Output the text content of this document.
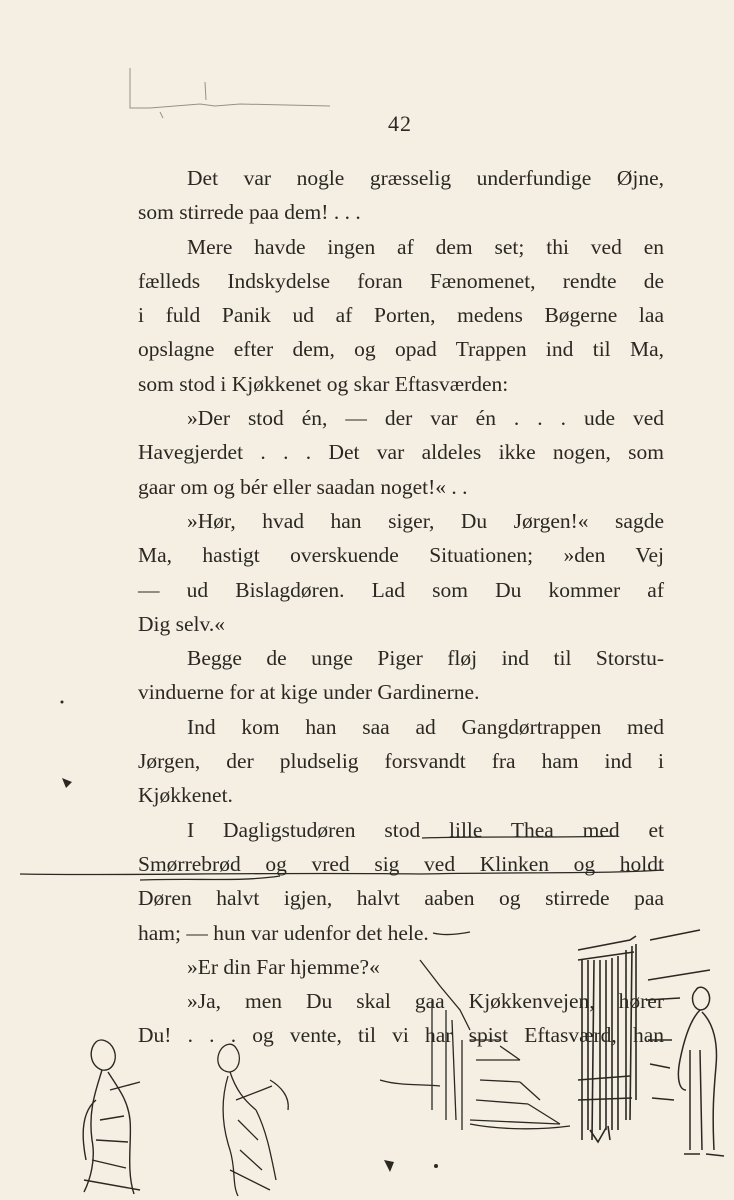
42

Det var nogle græsselig underfundige Øjne,

som stirrede paa dem! . . .

Mere havde ingen af dem set; thi ved en

fælleds Indskydelse foran Fænomenet, rendte de

i fuld Panik ud af Porten, medens Bøgerne laa

opslagne efter dem, og opad Trappen ind til Ma,

som stod i Kjøkkenet og skar Eftasværden:

»Der stod én, — der var én . . . ude ved

Havegjerdet . . . Det var aldeles ikke nogen, som

gaar om og bér eller saadan noget!« . .

»Hør, hvad han siger, Du Jørgen!« sagde

Ma, hastigt overskuende Situationen; »den Vej

— ud Bislagdøren. Lad som Du kommer af

Dig selv.«

Begge de unge Piger fløj ind til Storstu-

vinduerne for at kige under Gardinerne.

Ind kom han saa ad Gangdørtrappen med

Jørgen, der pludselig forsvandt fra ham ind i

Kjøkkenet.

I Dagligstudøren stod lille Thea med et

Smørrebrød og vred sig ved Klinken og holdt

Døren halvt igjen, halvt aaben og stirrede paa

ham; — hun var udenfor det hele.

»Er din Far hjemme?«

»Ja, men Du skal gaa Kjøkkenvejen, hører

Du! . . . og vente, til vi har spist Eftasværd, han
